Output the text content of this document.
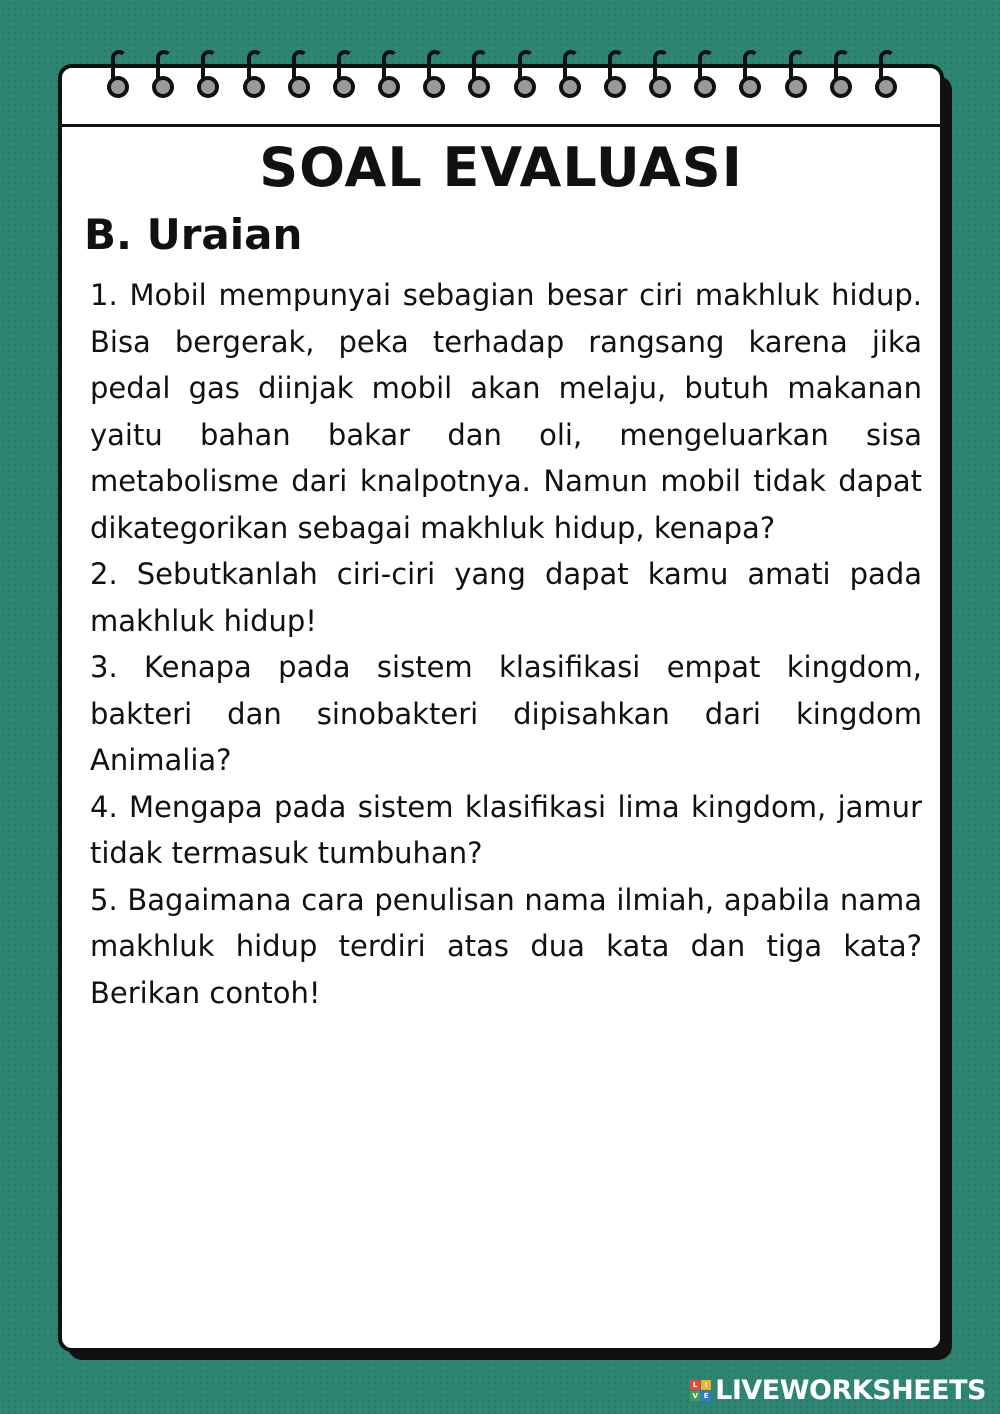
SOAL EVALUASI
B. Uraian
1. Mobil mempunyai sebagian besar ciri makhluk hidup. Bisa bergerak, peka terhadap rangsang karena jika pedal gas diinjak mobil akan melaju, butuh makanan yaitu bahan bakar dan oli, mengeluarkan sisa metabolisme dari knalpotnya. Namun mobil tidak dapat dikategorikan sebagai makhluk hidup, kenapa?
2. Sebutkanlah ciri-ciri yang dapat kamu amati pada makhluk hidup!
3. Kenapa pada sistem klasifikasi empat kingdom, bakteri dan sinobakteri dipisahkan dari kingdom Animalia?
4. Mengapa pada sistem klasifikasi lima kingdom, jamur tidak termasuk tumbuhan?
5. Bagaimana cara penulisan nama ilmiah, apabila nama makhluk hidup terdiri atas dua kata dan tiga kata? Berikan contoh!
L	I
V E LIVEWORKSHEETS
